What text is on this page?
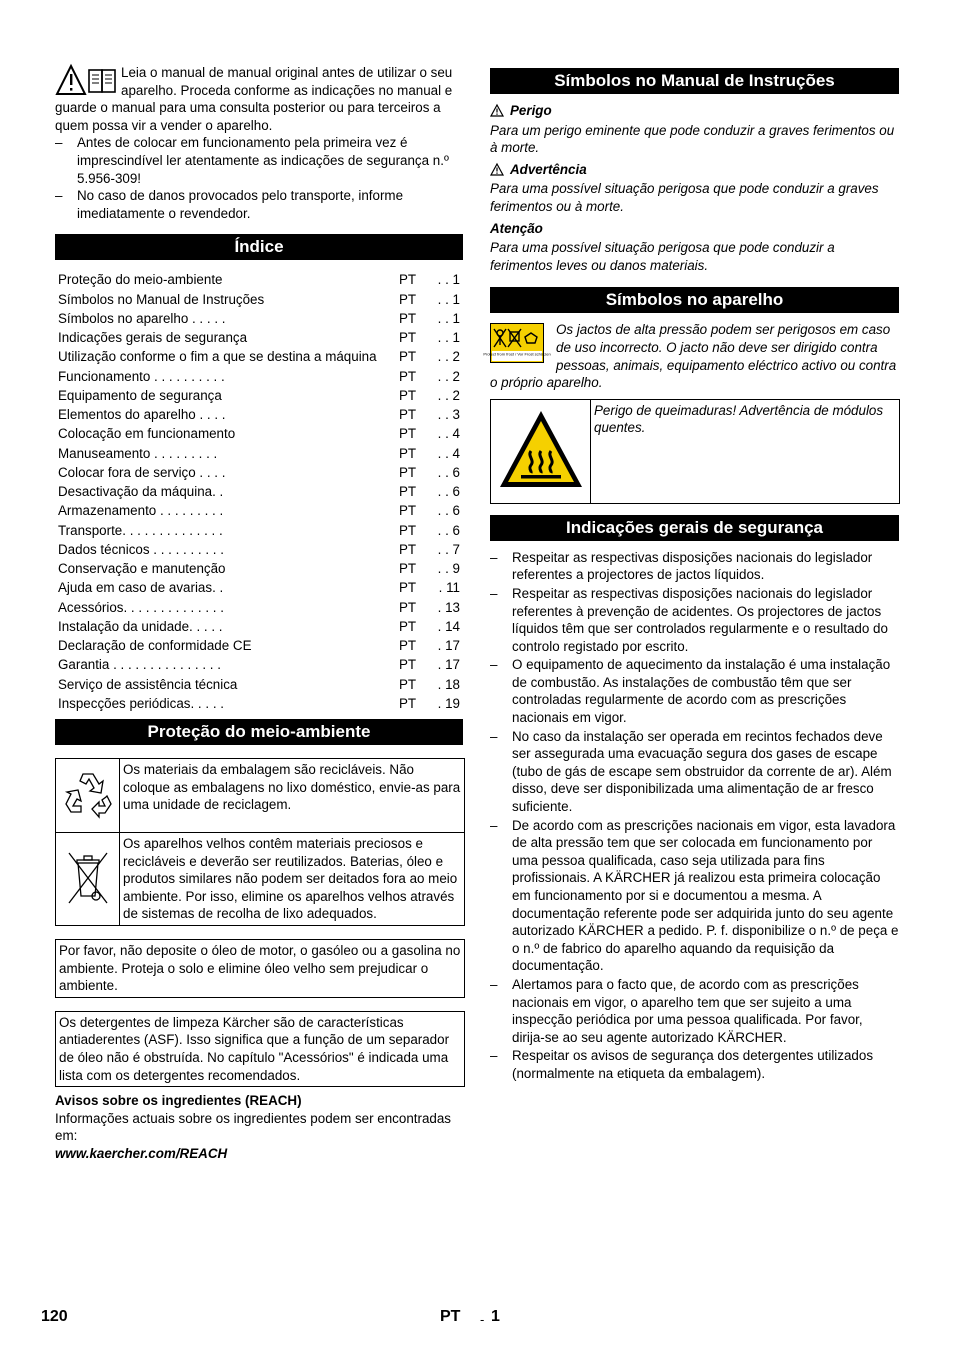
Leia o manual de manual original antes de utilizar o seu aparelho. Proceda conforme as indicações no manual e guarde o manual para uma consulta posterior ou para terceiros a quem possa vir a vender o aparelho.

– Antes de colocar em funcionamento pela primeira vez é imprescindível ler atentamente as indicações de segurança n.º 5.956-309!

– No caso de danos provocados pelo transporte, informe imediatamente o revendedor.

Índice
Proteção do meio-ambiente	PT	. . 1
Símbolos no Manual de Instruções	PT	. . 1
Símbolos no aparelho . . . . .	PT	. . 1
Indicações gerais de segurança	PT	. . 1
Utilização conforme o fim a que se destina a máquina	PT	. . 2
Funcionamento . . . . . . . . . .	PT	. . 2
Equipamento de segurança	PT	. . 2
Elementos do aparelho . . . .	PT	. . 3
Colocação em funcionamento	PT	. . 4
Manuseamento . . . . . . . . .	PT	. . 4
Colocar fora de serviço . . . .	PT	. . 6
Desactivação da máquina. .	PT	. . 6
Armazenamento . . . . . . . . .	PT	. . 6
Transporte. . . . . . . . . . . . . .	PT	. . 6
Dados técnicos . . . . . . . . . .	PT	. . 7
Conservação e manutenção	PT	. . 9
Ajuda em caso de avarias. .	PT	. 11
Acessórios. . . . . . . . . . . . . .	PT	. 13
Instalação da unidade. . . . .	PT	. 14
Declaração de conformidade CE	PT	. 17
Garantia . . . . . . . . . . . . . . .	PT	. 17
Serviço de assistência técnica	PT	. 18
Inspecções periódicas. . . . .	PT	. 19
Proteção do meio-ambiente
	Os materiais da embalagem são recicláveis. Não coloque as embalagens no lixo doméstico, envie-as para uma unidade de reciclagem.
	Os aparelhos velhos contêm materiais preciosos e recicláveis e deverão ser reutilizados. Baterias, óleo e produtos similares não podem ser deitados fora ao meio ambiente. Por isso, elimine os aparelhos velhos através de sistemas de recolha de lixo adequados.

Por favor, não deposite o óleo de motor, o gasóleo ou a gasolina no ambiente. Proteja o solo e elimine óleo velho sem prejudicar o ambiente.

Os detergentes de limpeza Kärcher são de características antiaderentes (ASF). Isso significa que a função de um separador de óleo não é obstruída. No capítulo "Acessórios" é indicada uma lista com os detergentes recomendados.

Avisos sobre os ingredientes (REACH)

Informações actuais sobre os ingredientes podem ser encontradas em:

www.kaercher.com/REACH

Símbolos no Manual de Instruções

Perigo

Para um perigo eminente que pode conduzir a graves ferimentos ou à morte.

Advertência

Para uma possível situação perigosa que pode conduzir a graves ferimentos ou à morte.

Atenção

Para uma possível situação perigosa que pode conduzir a ferimentos leves ou danos materiais.

Símbolos no aparelho
Protect from frost / Vor Frost schützen

Os jactos de alta pressão podem ser perigosos em caso de uso incorrecto. O jacto não deve ser dirigido contra pessoas, animais, equipamento eléctrico activo ou contra o próprio aparelho.

	Perigo de queimaduras! Advertência de módulos quentes.
Indicações gerais de segurança

– Respeitar as respectivas disposições nacionais do legislador referentes a projectores de jactos líquidos.

– Respeitar as respectivas disposições nacionais do legislador referentes à prevenção de acidentes. Os projectores de jactos líquidos têm que ser controlados regularmente e o resultado do controlo registado por escrito.

– O equipamento de aquecimento da instalação é uma instalação de combustão. As instalações de combustão têm que ser controladas regularmente de acordo com as prescrições nacionais em vigor.

– No caso da instalação ser operada em recintos fechados deve ser assegurada uma evacuação segura dos gases de escape (tubo de gás de escape sem obstruidor da corrente de ar). Além disso, deve ser disponibilizada uma alimentação de ar fresco suficiente.

– De acordo com as prescrições nacionais em vigor, esta lavadora de alta pressão tem que ser colocada em funcionamento por uma pessoa qualificada, caso seja utilizada para fins profissionais. A KÄRCHER já realizou esta primeira colocação em funcionamento por si e documentou a mesma. A documentação referente pode ser adquirida junto do seu agente autorizado KÄRCHER a pedido. P. f. disponibilize o n.º de peça e o n.º de fabrico do aparelho aquando da requisição da documentação.

– Alertamos para o facto que, de acordo com as prescrições nacionais em vigor, o aparelho tem que ser sujeito a uma inspecção periódica por uma pessoa qualificada. Por favor, dirija-se ao seu agente autorizado KÄRCHER.

– Respeitar os avisos de segurança dos detergentes utilizados (normalmente na etiqueta da embalagem).

120	PT - 1
